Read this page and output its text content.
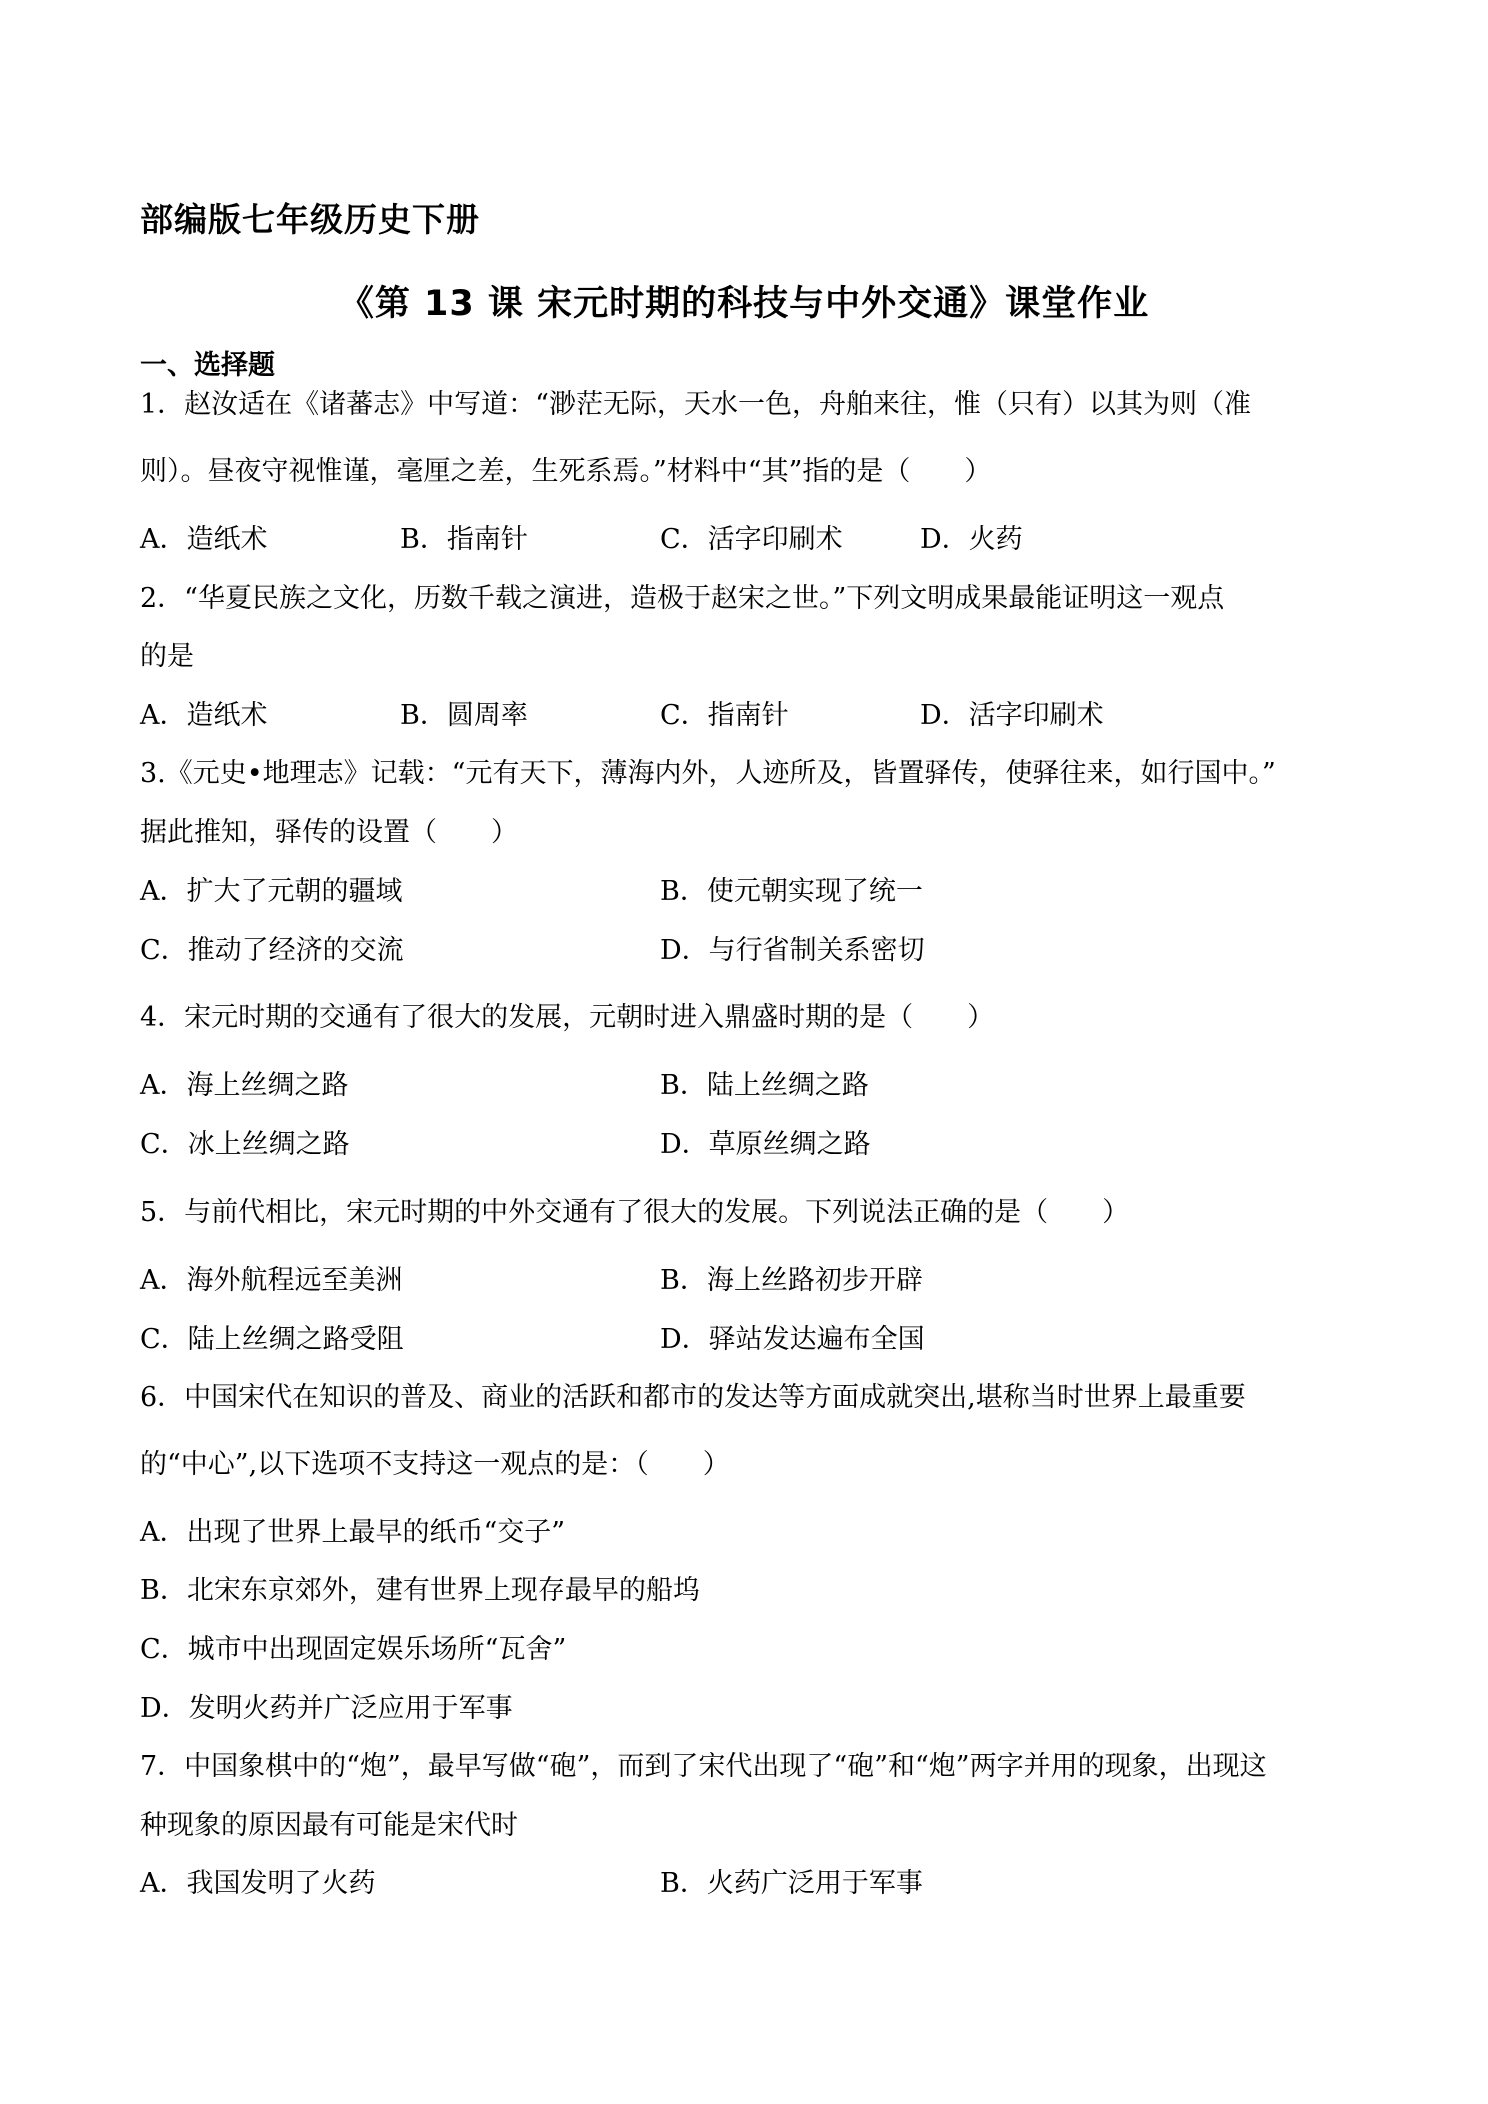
部编版七年级历史下册
《第 13 课 宋元时期的科技与中外交通》课堂作业
一、选择题
1．赵汝适在《诸蕃志》中写道：“渺茫无际，天水一色，舟舶来往，惟（只有）以其为则（准
则）。昼夜守视惟谨，毫厘之差，生死系焉。”材料中“其”指的是（　　）
A．造纸术	B．指南针	C．活字印刷术	D．火药
2．“华夏民族之文化，历数千载之演进，造极于赵宋之世。”下列文明成果最能证明这一观点
的是
A．造纸术	B．圆周率	C．指南针	D．活字印刷术
3.《元史•地理志》记载：“元有天下，薄海内外，人迹所及，皆置驿传，使驿往来，如行国中。”
据此推知，驿传的设置（　　）
A．扩大了元朝的疆域	B．使元朝实现了统一
C．推动了经济的交流	D．与行省制关系密切
4．宋元时期的交通有了很大的发展，元朝时进入鼎盛时期的是（　　）
A．海上丝绸之路	B．陆上丝绸之路
C．冰上丝绸之路	D．草原丝绸之路
5．与前代相比，宋元时期的中外交通有了很大的发展。下列说法正确的是（　　）
A．海外航程远至美洲	B．海上丝路初步开辟
C．陆上丝绸之路受阻	D．驿站发达遍布全国
6．中国宋代在知识的普及、商业的活跃和都市的发达等方面成就突出,堪称当时世界上最重要
的“中心”,以下选项不支持这一观点的是：（　　）
A．出现了世界上最早的纸币“交子”
B．北宋东京郊外，建有世界上现存最早的船坞
C．城市中出现固定娱乐场所“瓦舍”
D．发明火药并广泛应用于军事
7．中国象棋中的“炮”，最早写做“砲”，而到了宋代出现了“砲”和“炮”两字并用的现象，出现这
种现象的原因最有可能是宋代时
A．我国发明了火药	B．火药广泛用于军事
